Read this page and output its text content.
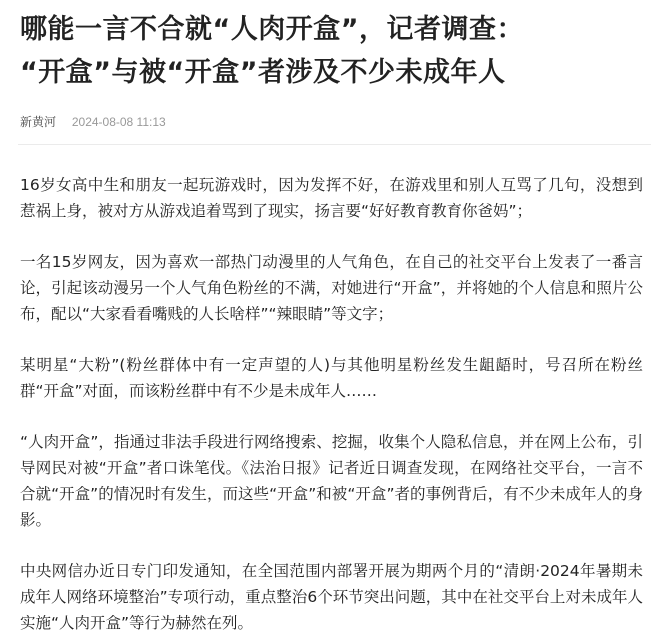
哪能一言不合就“人肉开盒”，记者调查：
“开盒”与被“开盒”者涉及不少未成年人
新黄河 2024-08-08 11:13

16岁女高中生和朋友一起玩游戏时，因为发挥不好，在游戏里和别人互骂了几句，没想到惹祸上身，被对方从游戏追着骂到了现实，扬言要“好好教育教育你爸妈”；

一名15岁网友，因为喜欢一部热门动漫里的人气角色，在自己的社交平台上发表了一番言论，引起该动漫另一个人气角色粉丝的不满，对她进行“开盒”，并将她的个人信息和照片公布，配以“大家看看嘴贱的人长啥样”“辣眼睛”等文字；

某明星“大粉”(粉丝群体中有一定声望的人)与其他明星粉丝发生龃龉时，号召所在粉丝群“开盒”对面，而该粉丝群中有不少是未成年人……

“人肉开盒”，指通过非法手段进行网络搜索、挖掘，收集个人隐私信息，并在网上公布，引导网民对被“开盒”者口诛笔伐。《法治日报》记者近日调查发现，在网络社交平台，一言不合就“开盒”的情况时有发生，而这些“开盒”和被“开盒”者的事例背后，有不少未成年人的身影。

中央网信办近日专门印发通知，在全国范围内部署开展为期两个月的“清朗·2024年暑期未成年人网络环境整治”专项行动，重点整治6个环节突出问题，其中在社交平台上对未成年人实施“人肉开盒”等行为赫然在列。
